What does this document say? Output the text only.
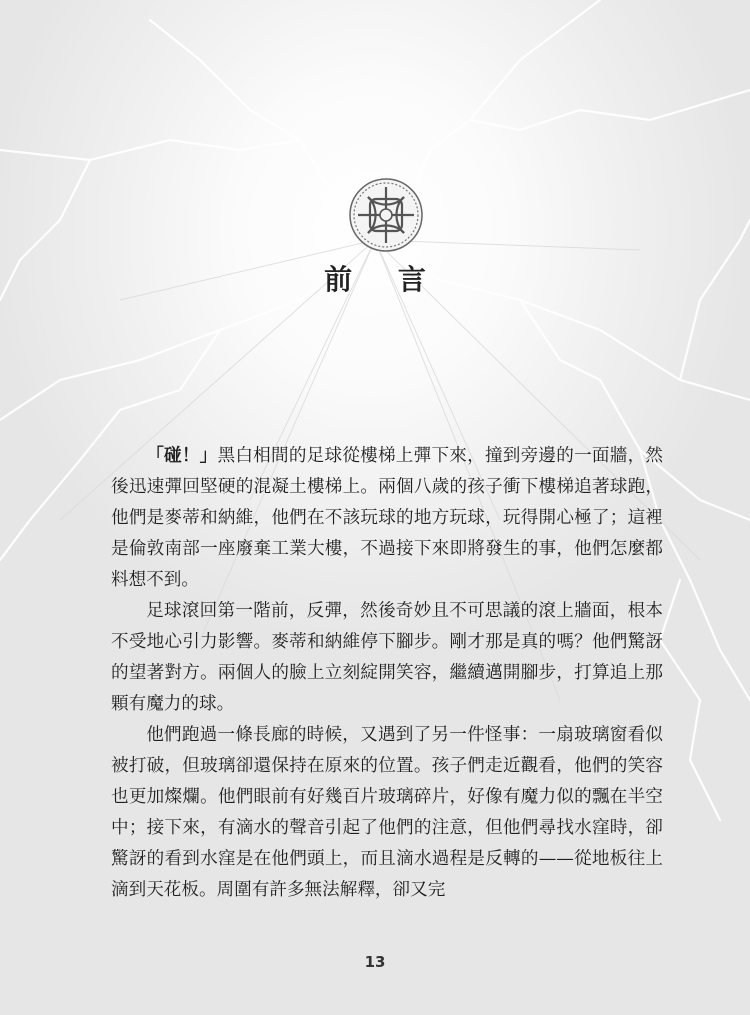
前 言

「碰！」黑白相間的足球從樓梯上彈下來，撞到旁邊的一面牆，然後迅速彈回堅硬的混凝土樓梯上。兩個八歲的孩子衝下樓梯追著球跑，他們是麥蒂和納維，他們在不該玩球的地方玩球，玩得開心極了；這裡是倫敦南部一座廢棄工業大樓，不過接下來即將發生的事，他們怎麼都料想不到。

足球滾回第一階前，反彈，然後奇妙且不可思議的滾上牆面，根本不受地心引力影響。麥蒂和納維停下腳步。剛才那是真的嗎？他們驚訝的望著對方。兩個人的臉上立刻綻開笑容，繼續邁開腳步，打算追上那顆有魔力的球。

他們跑過一條長廊的時候，又遇到了另一件怪事：一扇玻璃窗看似被打破，但玻璃卻還保持在原來的位置。孩子們走近觀看，他們的笑容也更加燦爛。他們眼前有好幾百片玻璃碎片，好像有魔力似的飄在半空中；接下來，有滴水的聲音引起了他們的注意，但他們尋找水窪時，卻驚訝的看到水窪是在他們頭上，而且滴水過程是反轉的——從地板往上滴到天花板。周圍有許多無法解釋，卻又完

13
